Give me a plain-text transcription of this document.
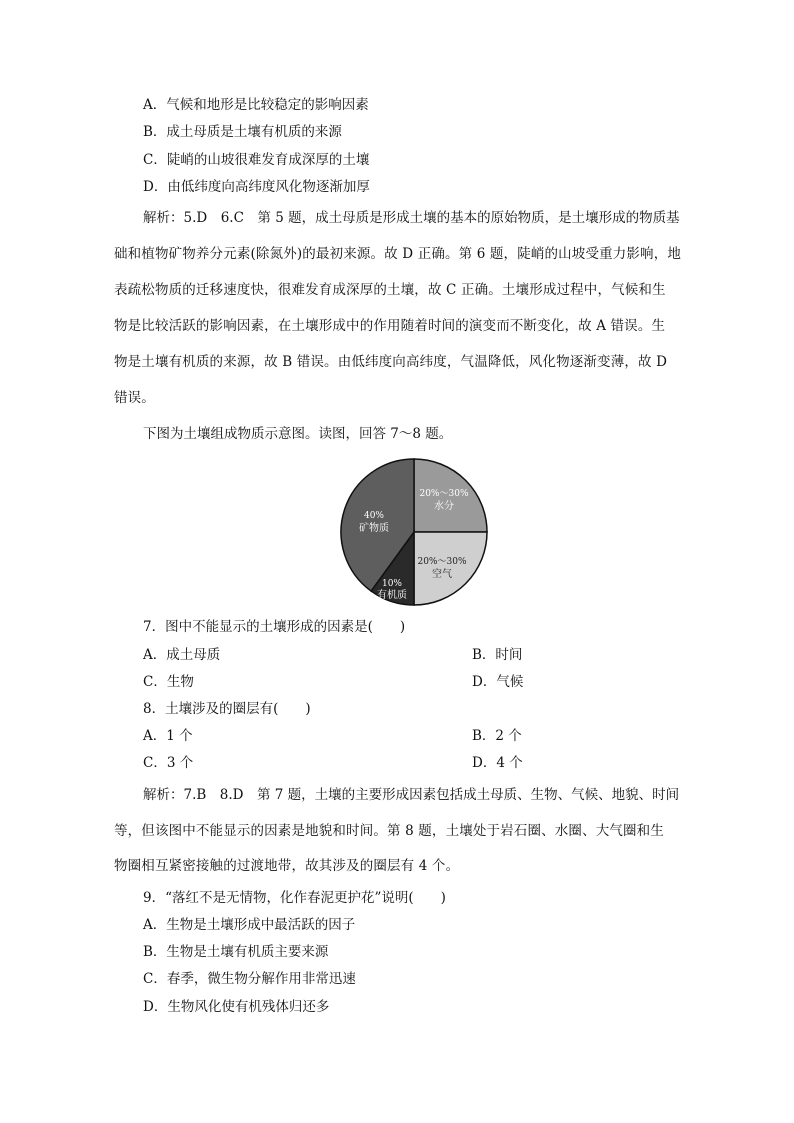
A．气候和地形是比较稳定的影响因素
B．成土母质是土壤有机质的来源
C．陡峭的山坡很难发育成深厚的土壤
D．由低纬度向高纬度风化物逐渐加厚
解析：5.D　6.C　第 5 题，成土母质是形成土壤的基本的原始物质，是土壤形成的物质基
础和植物矿物养分元素(除氮外)的最初来源。故 D 正确。第 6 题，陡峭的山坡受重力影响，地
表疏松物质的迁移速度快，很难发育成深厚的土壤，故 C 正确。土壤形成过程中，气候和生
物是比较活跃的影响因素，在土壤形成中的作用随着时间的演变而不断变化，故 A 错误。生
物是土壤有机质的来源，故 B 错误。由低纬度向高纬度，气温降低，风化物逐渐变薄，故 D
错误。
下图为土壤组成物质示意图。读图，回答 7～8 题。
20%～30%
水分
20%～30%
空气
10%
有机质
40%
矿物质
7．图中不能显示的土壤形成的因素是(　　)
A．成土母质	B．时间
C．生物	D．气候
8．土壤涉及的圈层有(　　)
A．1 个	B．2 个
C．3 个	D．4 个
解析：7.B　8.D　第 7 题，土壤的主要形成因素包括成土母质、生物、气候、地貌、时间
等，但该图中不能显示的因素是地貌和时间。第 8 题，土壤处于岩石圈、水圈、大气圈和生
物圈相互紧密接触的过渡地带，故其涉及的圈层有 4 个。
9．“落红不是无情物，化作春泥更护花”说明(　　)
A．生物是土壤形成中最活跃的因子
B．生物是土壤有机质主要来源
C．春季，微生物分解作用非常迅速
D．生物风化使有机残体归还多
